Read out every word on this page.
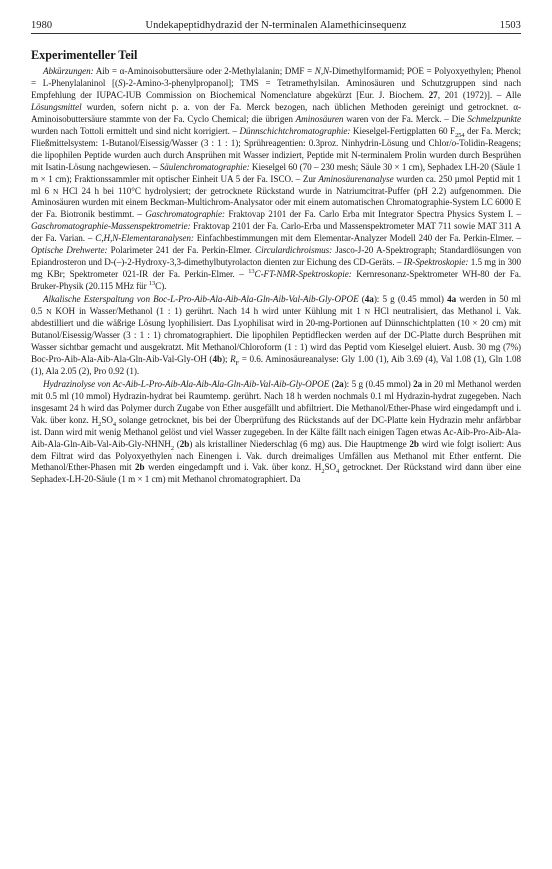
1980	Undekapeptidhydrazid der N-terminalen Alamethicinsequenz	1503
Experimenteller Teil

Abkürzungen: Aib = α-Aminoisobuttersäure oder 2-Methylalanin; DMF = N,N-Dimethylformamid; POE = Polyoxyethylen; Phenol = L-Phenylalaninol [(S)-2-Amino-3-phenylpropanol]; TMS = Tetramethylsilan. Aminosäuren und Schutzgruppen sind nach Empfehlung der IUPAC-IUB Commission on Biochemical Nomenclature abgekürzt [Eur. J. Biochem. 27, 201 (1972)]. – Alle Lösungsmittel wurden, sofern nicht p. a. von der Fa. Merck bezogen, nach üblichen Methoden gereinigt und getrocknet. α-Aminoisobuttersäure stammte von der Fa. Cyclo Chemical; die übrigen Aminosäuren waren von der Fa. Merck. – Die Schmelzpunkte wurden nach Tottoli ermittelt und sind nicht korrigiert. – Dünnschichtchromatographie: Kieselgel-Fertigplatten 60 $F_{254}$ der Fa. Merck; Fließmittelsystem: 1-Butanol/Eisessig/Wasser (3 : 1 : 1); Sprühreagentien: 0.3proz. Ninhydrin-Lösung und Chlor/o-Tolidin-Reagens; die lipophilen Peptide wurden auch durch Ansprühen mit Wasser indiziert, Peptide mit N-terminalem Prolin wurden durch Besprühen mit Isatin-Lösung nachgewiesen. – Säulenchromatographie: Kieselgel 60 (70 – 230 mesh; Säule 30 × 1 cm), Sephadex LH-20 (Säule 1 m × 1 cm); Fraktionssammler mit optischer Einheit UA 5 der Fa. ISCO. – Zur Aminosäurenanalyse wurden ca. 250 µmol Peptid mit 1 ml 6 N HCl 24 h bei 110°C hydrolysiert; der getrocknete Rückstand wurde in Natriumcitrat-Puffer (pH 2.2) aufgenommen. Die Aminosäuren wurden mit einem Beckman-Multichrom-Analysator oder mit einem automatischen Chromatographie-System LC 6000 E der Fa. Biotronik bestimmt. – Gaschromatographie: Fraktovap 2101 der Fa. Carlo Erba mit Integrator Spectra Physics System I. – Gaschromatographie-Massenspektrometrie: Fraktovap 2101 der Fa. Carlo-Erba und Massenspektrometer MAT 711 sowie MAT 311 A der Fa. Varian. – C,H,N-Elementaranalysen: Einfachbestimmungen mit dem Elementar-Analyzer Modell 240 der Fa. Perkin-Elmer. – Optische Drehwerte: Polarimeter 241 der Fa. Perkin-Elmer. Circulardichroismus: Jasco-J-20 A-Spektrograph; Standardlösungen von Epiandrosteron und D-(–)-2-Hydroxy-3,3-dimethylbutyrolacton dienten zur Eichung des CD-Geräts. – IR-Spektroskopie: 1.5 mg in 300 mg KBr; Spektrometer 021-IR der Fa. Perkin-Elmer. – $^{13}$C-FT-NMR-Spektroskopie: Kernresonanz-Spektrometer WH-80 der Fa. Bruker-Physik (20.115 MHz für $^{13}$C).

Alkalische Esterspaltung von Boc-L-Pro-Aib-Ala-Aib-Ala-Gln-Aib-Val-Aib-Gly-OPOE (4a): 5 g (0.45 mmol) 4a werden in 50 ml 0.5 N KOH in Wasser/Methanol (1 : 1) gerührt. Nach 14 h wird unter Kühlung mit 1 N HCl neutralisiert, das Methanol i. Vak. abdestilliert und die wäßrige Lösung lyophilisiert. Das Lyophilisat wird in 20-mg-Portionen auf Dünnschichtplatten (10 × 20 cm) mit Butanol/Eisessig/Wasser (3 : 1 : 1) chromatographiert. Die lipophilen Peptidflecken werden auf der DC-Platte durch Besprühen mit Wasser sichtbar gemacht und ausgekratzt. Mit Methanol/Chloroform (1 : 1) wird das Peptid vom Kieselgel eluiert. Ausb. 30 mg (7%) Boc-Pro-Aib-Ala-Aib-Ala-Gln-Aib-Val-Gly-OH (4b); $R_F = 0.6$. Aminosäureanalyse: Gly 1.00 (1), Aib 3.69 (4), Val 1.08 (1), Gln 1.08 (1), Ala 2.05 (2), Pro 0.92 (1).

Hydrazinolyse von Ac-Aib-L-Pro-Aib-Ala-Aib-Ala-Gln-Aib-Val-Aib-Gly-OPOE (2a): 5 g (0.45 mmol) 2a in 20 ml Methanol werden mit 0.5 ml (10 mmol) Hydrazin-hydrat bei Raumtemp. gerührt. Nach 18 h werden nochmals 0.1 ml Hydrazin-hydrat zugegeben. Nach insgesamt 24 h wird das Polymer durch Zugabe von Ether ausgefällt und abfiltriert. Die Methanol/Ether-Phase wird eingedampft und i. Vak. über konz. $H_2SO_4$ solange getrocknet, bis bei der Überprüfung des Rückstands auf der DC-Platte kein Hydrazin mehr anfärbbar ist. Dann wird mit wenig Methanol gelöst und viel Wasser zugegeben. In der Kälte fällt nach einigen Tagen etwas $Ac-Aib-Pro-Aib-Ala-Aib-Ala-Gln-Aib-Val-Aib-Gly-NHNH_2$ (2b) als kristalliner Niederschlag (6 mg) aus. Die Hauptmenge 2b wird wie folgt isoliert: Aus dem Filtrat wird das Polyoxyethylen nach Einengen i. Vak. durch dreimaliges Umfällen aus Methanol mit Ether entfernt. Die Methanol/Ether-Phasen mit 2b werden eingedampft und i. Vak. über konz. $H_2SO_4$ getrocknet. Der Rückstand wird dann über eine Sephadex-LH-20-Säule (1 m × 1 cm) mit Methanol chromatographiert. Da
